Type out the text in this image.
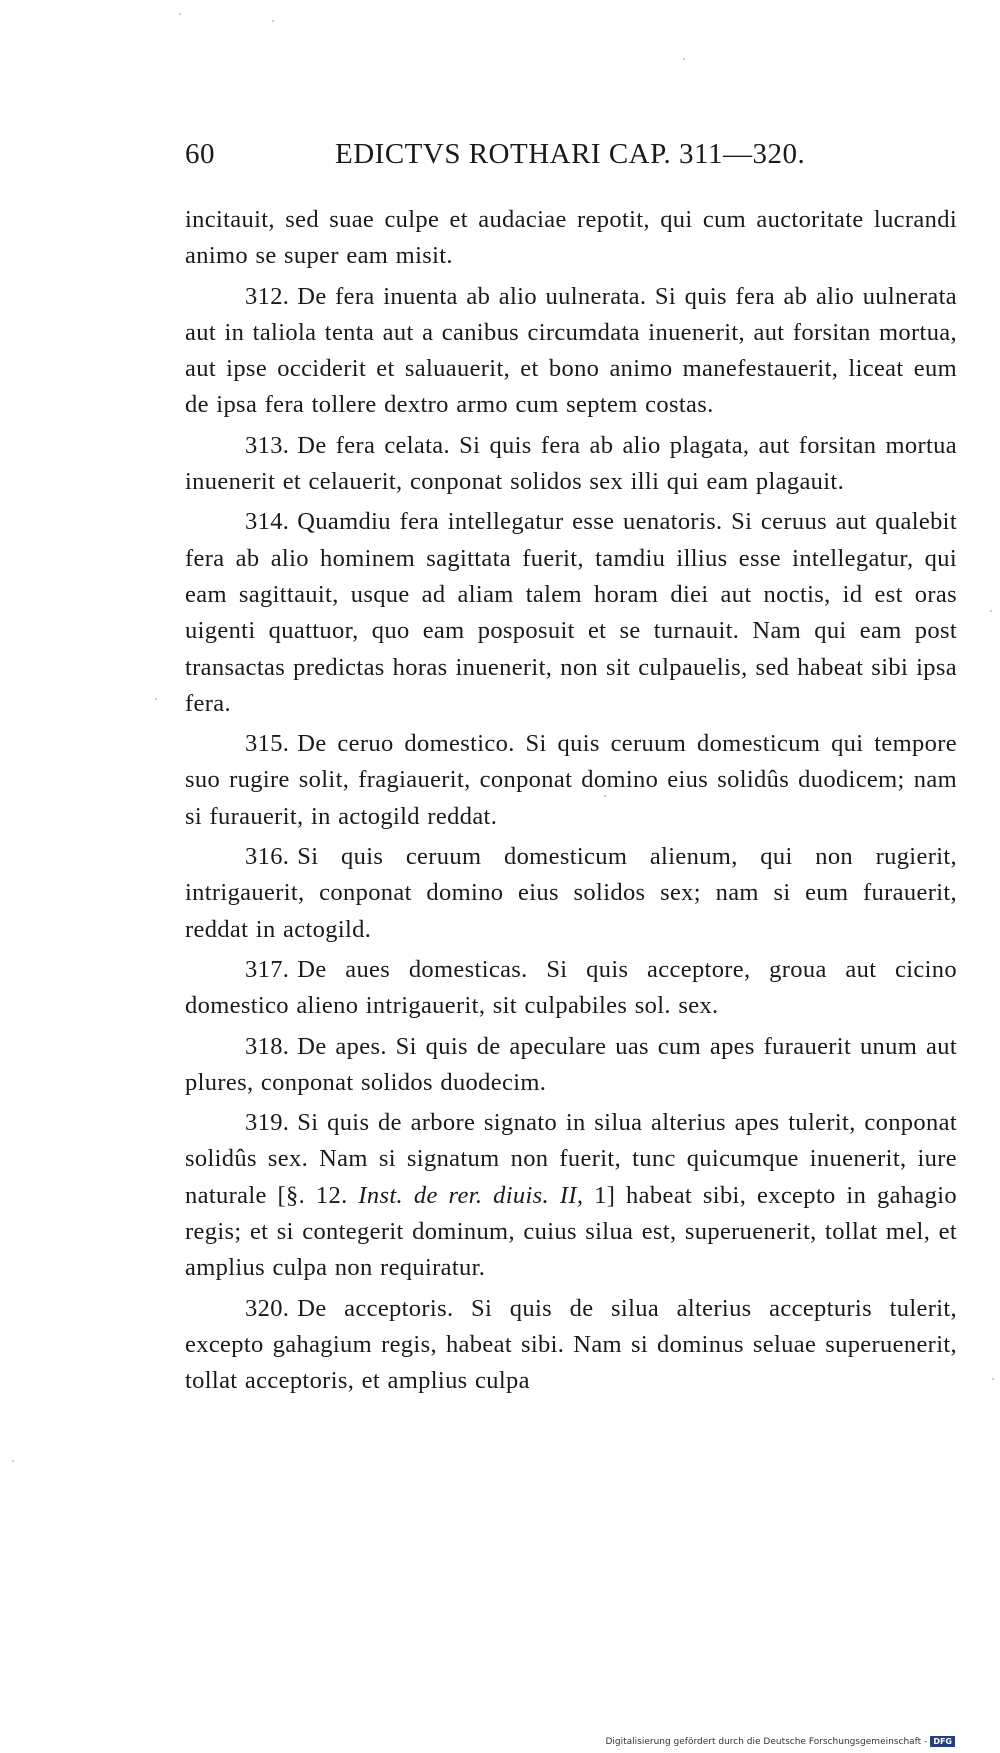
60	EDICTVS ROTHARI CAP. 311—320.

incitauit, sed suae culpe et audaciae repotit, qui cum auctoritate lucrandi animo se super eam misit.

312. De fera inuenta ab alio uulnerata. Si quis fera ab alio uulnerata aut in taliola tenta aut a canibus circumdata inuenerit, aut forsitan mortua, aut ipse occiderit et saluauerit, et bono animo manefestauerit, liceat eum de ipsa fera tollere dextro armo cum septem costas.

313. De fera celata. Si quis fera ab alio plagata, aut forsitan mortua inuenerit et celauerit, conponat solidos sex illi qui eam plagauit.

314. Quamdiu fera intellegatur esse uenatoris. Si ceruus aut qualebit fera ab alio hominem sagittata fuerit, tamdiu illius esse intellegatur, qui eam sagittauit, usque ad aliam talem horam diei aut noctis, id est oras uigenti quattuor, quo eam posposuit et se turnauit. Nam qui eam post transactas predictas horas inuenerit, non sit culpauelis, sed habeat sibi ipsa fera.

315. De ceruo domestico. Si quis ceruum domesticum qui tempore suo rugire solit, fragiauerit, conponat domino eius solidûs duodicem; nam si furauerit, in actogild reddat.

316. Si quis ceruum domesticum alienum, qui non rugierit, intrigauerit, conponat domino eius solidos sex; nam si eum furauerit, reddat in actogild.

317. De aues domesticas. Si quis acceptore, groua aut cicino domestico alieno intrigauerit, sit culpabiles sol. sex.

318. De apes. Si quis de apeculare uas cum apes furauerit unum aut plures, conponat solidos duodecim.

319. Si quis de arbore signato in silua alterius apes tulerit, conponat solidûs sex. Nam si signatum non fuerit, tunc quicumque inuenerit, iure naturale [§. 12. Inst. de rer. diuis. II, 1] habeat sibi, excepto in gahagio regis; et si contegerit dominum, cuius silua est, superuenerit, tollat mel, et amplius culpa non requiratur.

320. De acceptoris. Si quis de silua alterius accepturis tulerit, excepto gahagium regis, habeat sibi. Nam si dominus seluae superuenerit, tollat acceptoris, et amplius culpa

Digitalisierung gefördert durch die Deutsche Forschungsgemeinschaft - DFG
